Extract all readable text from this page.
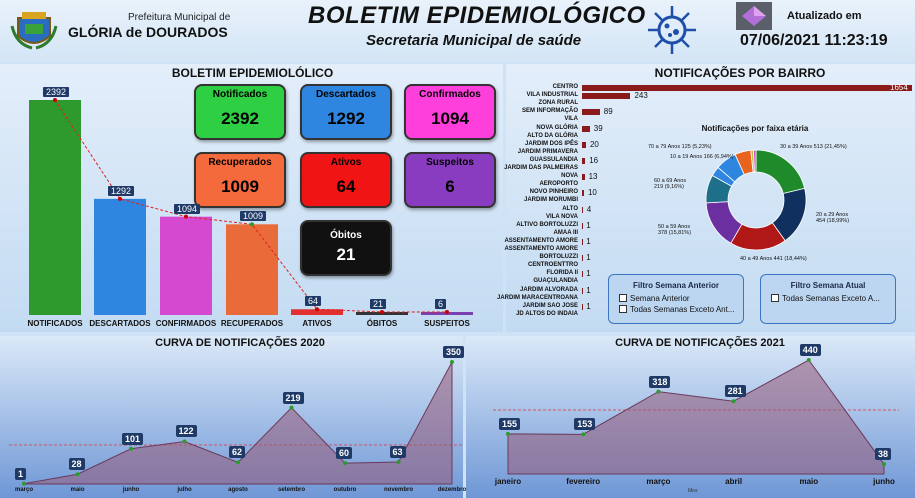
Prefeitura Municipal de
GLÓRIA de DOURADOS
BOLETIM EPIDEMIOLÓGICO
Secretaria Municipal de saúde
Atualizado em
07/06/2021 11:23:19
BOLETIM EPIDEMIOLÓLICO
Notificados
2392
Descartados
1292
Confirmados
1094
Recuperados
1009
Ativos
64
Suspeitos
6
Óbitos
21
NOTIFICAÇÕES POR BAIRRO
CENTRO	1654
VILA INDUSTRIAL	243
ZONA RURAL
SEM INFORMAÇÃO	89
VILA
NOVA GLÓRIA 39
ALTO DA GLÓRIA
JARDIM DOS IPÊS 20
JARDIM PRIMAVERA
GUASSULANDIA 16
JARDIM DAS PALMEIRAS
NOVA 13
AEROPORTO
NOVO PINHEIRO 10
JARDIM MORUMBI
ALTO 4
VILA NOVA
ALTIVO BORTOLUZZI 1
AMAA III
ASSENTAMENTO AMORE 1
ASSENTAMENTO AMORE
BORTOLUZZI 1
CENTROENTTRO
FLORIDA II 1
GUAÇULANDIA
JARDIM ALVORADA 1
JARDIM MARACENTROANA
JARDIM SAO JOSE 1
JD ALTOS DO INDAIA
Notificações por faixa etária
30 a 39 Anos 513 (21,45%)
20 a 29 Anos 454 (18,99%)
40 a 49 Anos 441 (18,44%)
50 a 59 Anos 378 (15,81%)
60 a 69 Anos 219 (9,16%)
10 a 19 Anos 166 (6,94%)
70 a 79 Anos 125 (5,23%)
Filtro Semana Anterior
Semana Anterior
Todas Semanas Exceto Ant...
Filtro Semana Atual
Todas Semanas Exceto A...
CURVA DE NOTIFICAÇÕES 2020	CURVA DE NOTIFICAÇÕES 2021
Mes
2392
NOTIFICADOS
1292
DESCARTADOS
1094
CONFIRMADOS
1009
RECUPERADOS
64
ATIVOS
21
ÓBITOS
6
SUSPEITOS
1
março
28
maio
101
junho
122
julho
62
agosto
219
setembro
60
outubro
63
novembro
350
dezembro
155
janeiro
153
fevereiro
318
março
281
abril
440
maio
38
junho
